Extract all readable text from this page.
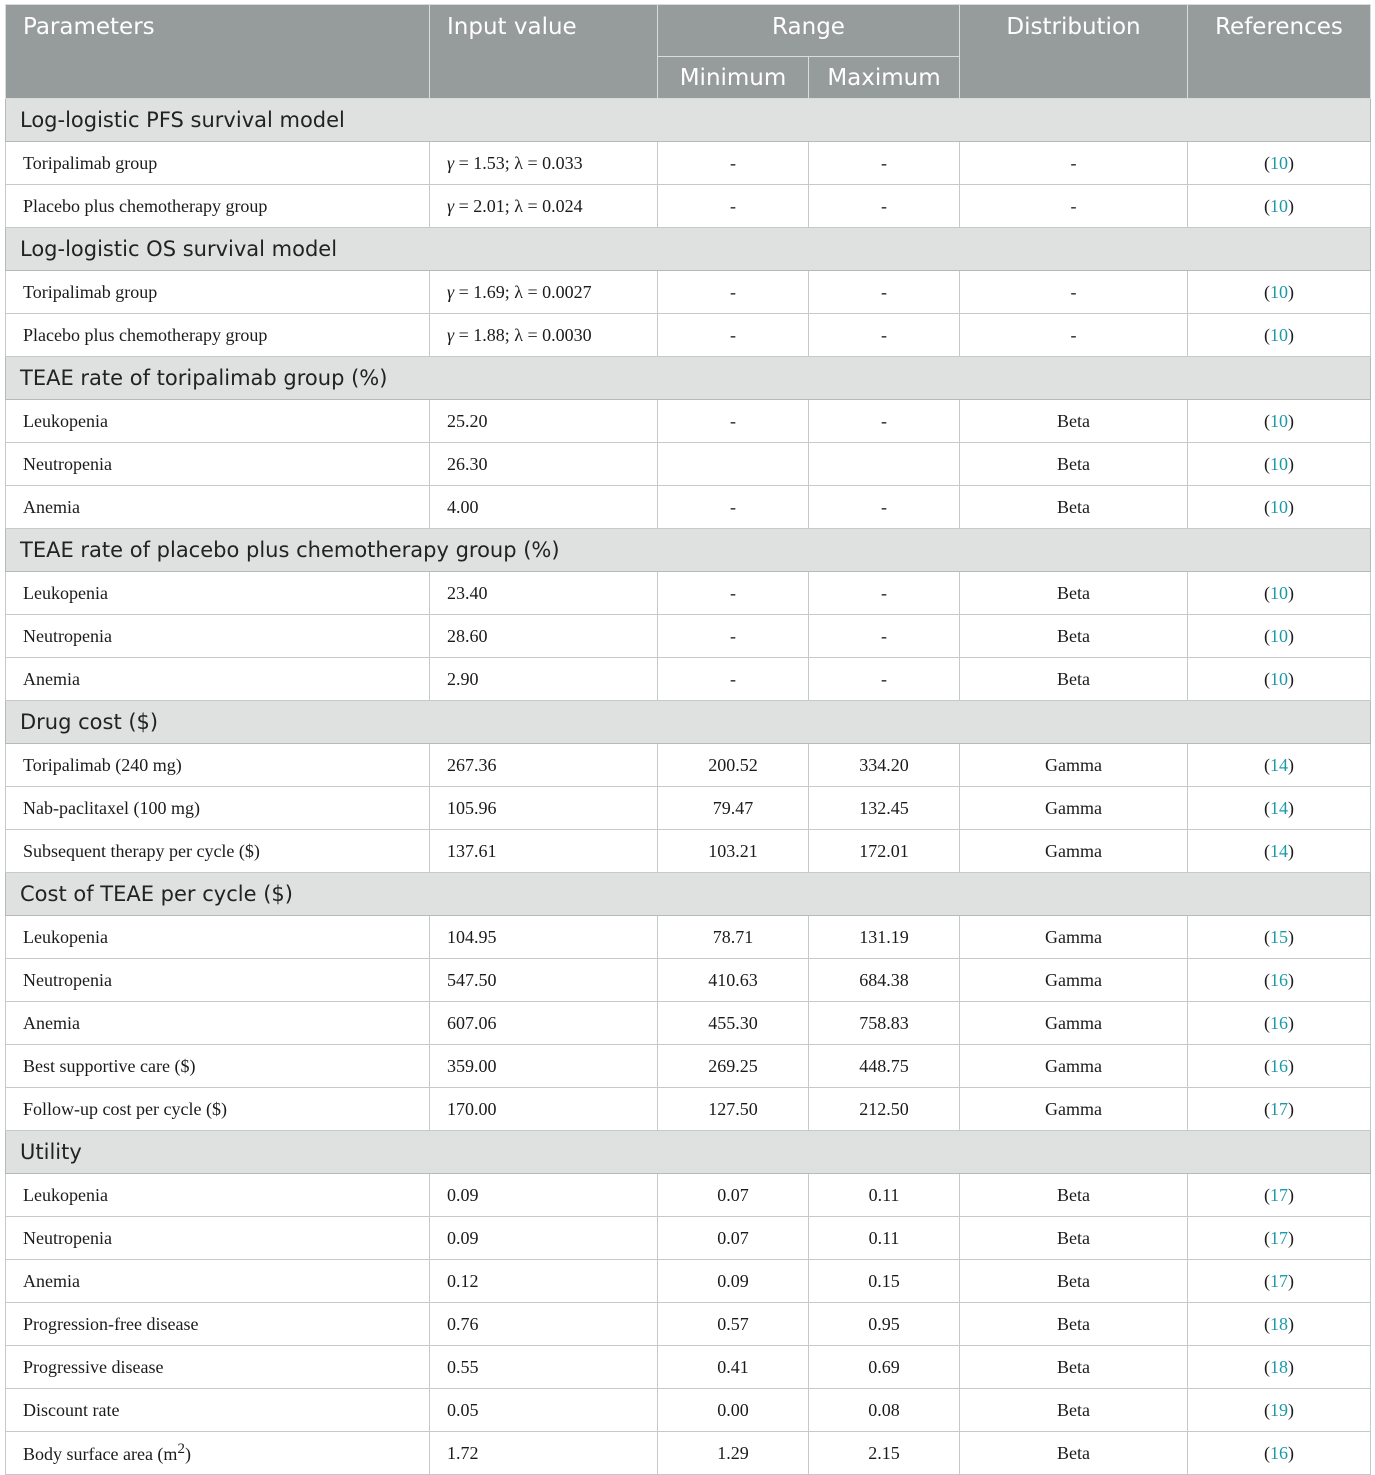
Parameters	Input value	Range		Distribution	References
		Minimum	Maximum		
Log-logistic PFS survival model					
Toripalimab group	γ = 1.53; λ = 0.033	-	-	-	(10)
Placebo plus chemotherapy group	γ = 2.01; λ = 0.024	-	-	-	(10)
Log-logistic OS survival model					
Toripalimab group	γ = 1.69; λ = 0.0027	-	-	-	(10)
Placebo plus chemotherapy group	γ = 1.88; λ = 0.0030	-	-	-	(10)
TEAE rate of toripalimab group (%)					
Leukopenia	25.20	-	-	Beta	(10)
Neutropenia	26.30			Beta	(10)
Anemia	4.00	-	-	Beta	(10)
TEAE rate of placebo plus chemotherapy group (%)					
Leukopenia	23.40	-	-	Beta	(10)
Neutropenia	28.60	-	-	Beta	(10)
Anemia	2.90	-	-	Beta	(10)
Drug cost ($)					
Toripalimab (240 mg)	267.36	200.52	334.20	Gamma	(14)
Nab-paclitaxel (100 mg)	105.96	79.47	132.45	Gamma	(14)
Subsequent therapy per cycle ($)	137.61	103.21	172.01	Gamma	(14)
Cost of TEAE per cycle ($)					
Leukopenia	104.95	78.71	131.19	Gamma	(15)
Neutropenia	547.50	410.63	684.38	Gamma	(16)
Anemia	607.06	455.30	758.83	Gamma	(16)
Best supportive care ($)	359.00	269.25	448.75	Gamma	(16)
Follow-up cost per cycle ($)	170.00	127.50	212.50	Gamma	(17)
Utility					
Leukopenia	0.09	0.07	0.11	Beta	(17)
Neutropenia	0.09	0.07	0.11	Beta	(17)
Anemia	0.12	0.09	0.15	Beta	(17)
Progression-free disease	0.76	0.57	0.95	Beta	(18)
Progressive disease	0.55	0.41	0.69	Beta	(18)
Discount rate	0.05	0.00	0.08	Beta	(19)
Body surface area $(m^2)$	1.72	1.29	2.15	Beta	(16)
